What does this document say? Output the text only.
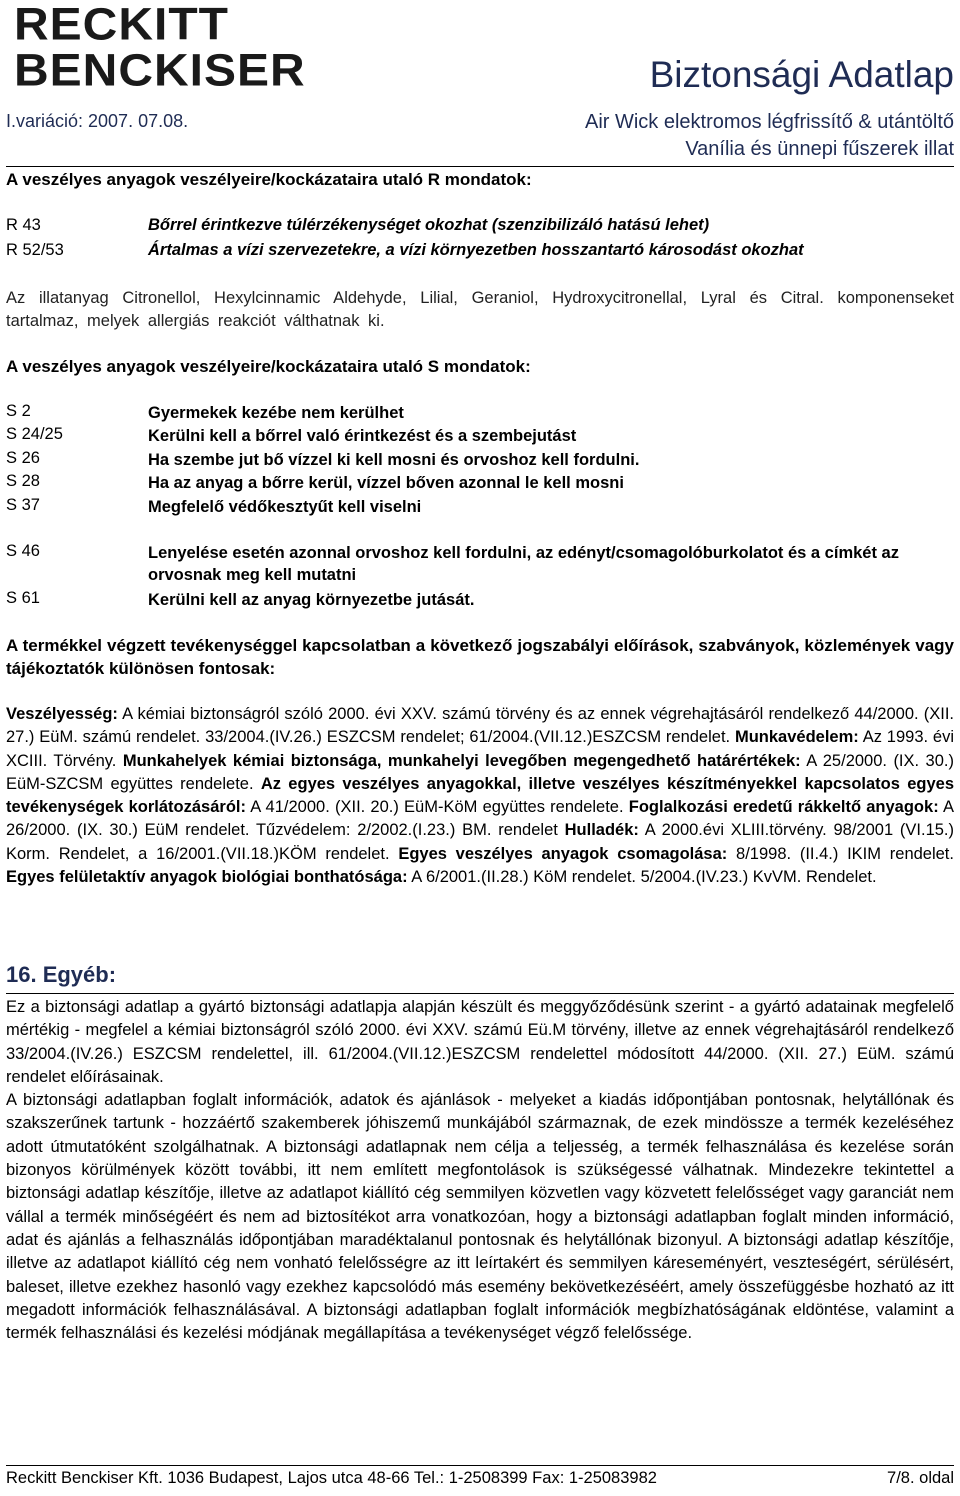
RECKITT
BENCKISER	Biztonsági Adatlap
I.variáció: 2007. 07.08.	Air Wick elektromos légfrissítő & utántöltő
Vanília és ünnepi fűszerek illat
A veszélyes anyagok veszélyeire/kockázataira utaló R mondatok:
R 43	Bőrrel érintkezve túlérzékenységet okozhat (szenzibilizáló hatású lehet)
R 52/53	Ártalmas a vízi szervezetekre, a vízi környezetben hosszantartó károsodást okozhat
Az illatanyag Citronellol, Hexylcinnamic Aldehyde, Lilial, Geraniol, Hydroxycitronellal, Lyral és Citral. komponenseket tartalmaz, melyek allergiás reakciót válthatnak ki.
A veszélyes anyagok veszélyeire/kockázataira utaló S mondatok:
S 2	Gyermekek kezébe nem kerülhet
S 24/25	Kerülni kell a bőrrel való érintkezést és a szembejutást
S 26	Ha szembe jut bő vízzel ki kell mosni és orvoshoz kell fordulni.
S 28	Ha az anyag a bőrre kerül, vízzel bőven azonnal le kell mosni
S 37	Megfelelő védőkesztyűt kell viselni
S 46	Lenyelése esetén azonnal orvoshoz kell fordulni, az edényt/csomagolóburkolatot és a címkét az orvosnak meg kell mutatni
S 61	Kerülni kell az anyag környezetbe jutását.
A termékkel végzett tevékenységgel kapcsolatban a következő jogszabályi előírások, szabványok, közlemények vagy tájékoztatók különösen fontosak:
Veszélyesség: A kémiai biztonságról szóló 2000. évi XXV. számú törvény és az ennek végrehajtásáról rendelkező 44/2000. (XII. 27.) EüM. számú rendelet. 33/2004.(IV.26.) ESZCSM rendelet; 61/2004.(VII.12.)ESZCSM rendelet. Munkavédelem: Az 1993. évi XCIII. Törvény. Munkahelyek kémiai biztonsága, munkahelyi levegőben megengedhető határértékek: A 25/2000. (IX. 30.) EüM-SZCSM együttes rendelete. Az egyes veszélyes anyagokkal, illetve veszélyes készítményekkel kapcsolatos egyes tevékenységek korlátozásáról: A 41/2000. (XII. 20.) EüM-KöM együttes rendelete. Foglalkozási eredetű rákkeltő anyagok: A 26/2000. (IX. 30.) EüM rendelet. Tűzvédelem: 2/2002.(I.23.) BM. rendelet Hulladék: A 2000.évi XLIII.törvény. 98/2001 (VI.15.) Korm. Rendelet, a 16/2001.(VII.18.)KÖM rendelet. Egyes veszélyes anyagok csomagolása: 8/1998. (II.4.) IKIM rendelet. Egyes felületaktív anyagok biológiai bonthatósága: A 6/2001.(II.28.) KöM rendelet. 5/2004.(IV.23.) KvVM. Rendelet.
16. Egyéb:

Ez a biztonsági adatlap a gyártó biztonsági adatlapja alapján készült és meggyőződésünk szerint - a gyártó adatainak megfelelő mértékig - megfelel a kémiai biztonságról szóló 2000. évi XXV. számú Eü.M törvény, illetve az ennek végrehajtásáról rendelkező 33/2004.(IV.26.) ESZCSM rendelettel, ill. 61/2004.(VII.12.)ESZCSM rendelettel módosított 44/2000. (XII. 27.) EüM. számú rendelet előírásainak.

A biztonsági adatlapban foglalt információk, adatok és ajánlások - melyeket a kiadás időpontjában pontosnak, helytállónak és szakszerűnek tartunk - hozzáértő szakemberek jóhiszemű munkájából származnak, de ezek mindössze a termék kezeléséhez adott útmutatóként szolgálhatnak. A biztonsági adatlapnak nem célja a teljesség, a termék felhasználása és kezelése során bizonyos körülmények között további, itt nem említett megfontolások is szükségessé válhatnak. Mindezekre tekintettel a biztonsági adatlap készítője, illetve az adatlapot kiállító cég semmilyen közvetlen vagy közvetett felelősséget vagy garanciát nem vállal a termék minőségéért és nem ad biztosítékot arra vonatkozóan, hogy a biztonsági adatlapban foglalt minden információ, adat és ajánlás a felhasználás időpontjában maradéktalanul pontosnak és helytállónak bizonyul. A biztonsági adatlap készítője, illetve az adatlapot kiállító cég nem vonható felelősségre az itt leírtakért és semmilyen káreseményért, veszteségért, sérülésért, baleset, illetve ezekhez hasonló vagy ezekhez kapcsolódó más esemény bekövetkezéséért, amely összefüggésbe hozható az itt megadott információk felhasználásával. A biztonsági adatlapban foglalt információk megbízhatóságának eldöntése, valamint a termék felhasználási és kezelési módjának megállapítása a tevékenységet végző felelőssége.

Reckitt Benckiser Kft. 1036 Budapest, Lajos utca 48-66 Tel.: 1-2508399 Fax: 1-25083982	7/8. oldal
